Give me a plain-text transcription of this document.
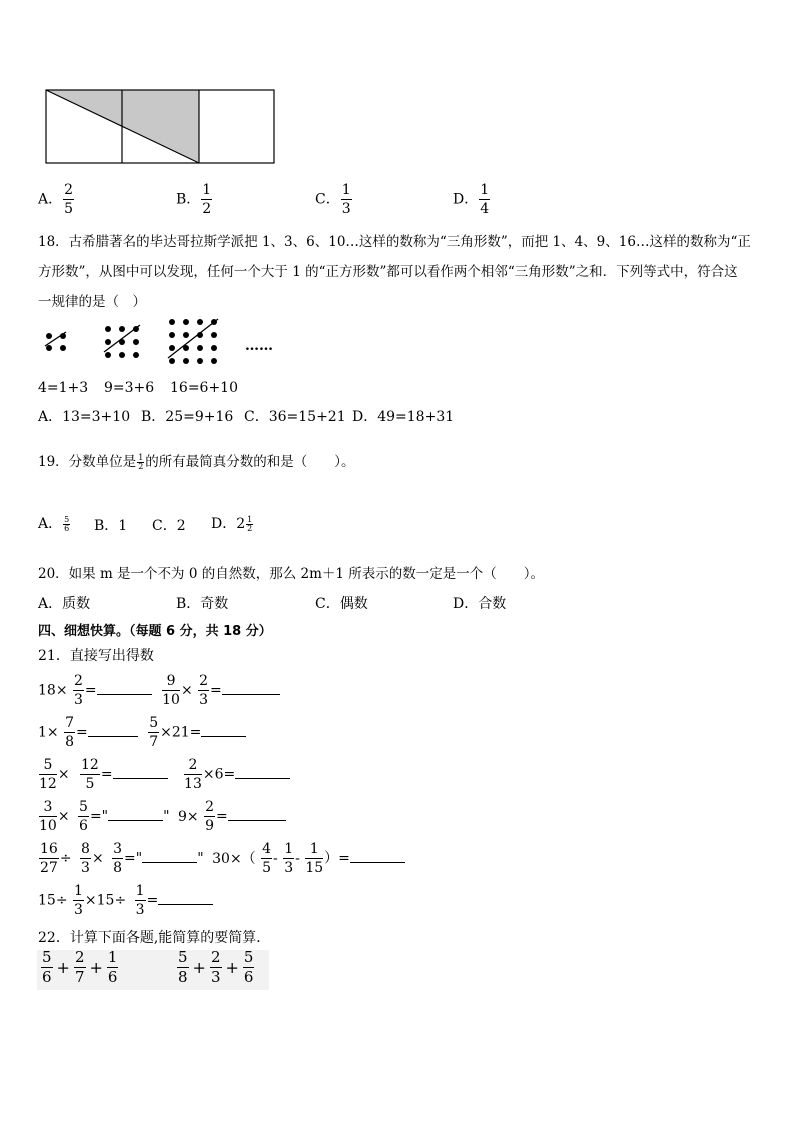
A． $\frac{2}{5}$	B． $\frac{1}{2}$	C． $\frac{1}{3}$	D． $\frac{1}{4}$
18．古希腊著名的毕达哥拉斯学派把 1、3、6、10…这样的数称为“三角形数”，而把 1、4、9、16…这样的数称为“正
方形数”，从图中可以发现，任何一个大于 1 的“正方形数”都可以看作两个相邻“三角形数”之和．下列等式中，符合这
一规律的是（　）
……
4=1+3 9=3+6 16=6+10
A．13=3+10 B．25=9+16 C．36=15+21 D．49=18+31
19．分数单位是 $\frac{1}{2}$ 的所有最简真分数的和是（　　）。
A． $\frac{5}{6}$ B．1 C．2 D．$2 \frac{1}{2}$
20．如果 m 是一个不为 0 的自然数，那么 2m＋1 所表示的数一定是一个（　　）。
A．质数	B．奇数	C．偶数	D．合数
四、细想快算。（每题 6 分，共 18 分）
21．直接写出得数
$18\times \frac{2}{3}$ =	$\frac{9}{10} \times \frac{2}{3}$ =
$1\times \frac{7}{8}$ =	$\frac{5}{7} \times 21=$
$\frac{5}{12} \times \frac{12}{5}$ =	$\frac{2}{13} \times 6=$
$\frac{3}{10} \times \frac{5}{6}$ ="	" $9\times \frac{2}{9}$ =
$\frac{16}{27} \div \frac{8}{3} \times \frac{3}{8}$ ="	" $30\times( \frac{4}{5} - \frac{1}{3} - \frac{1}{15}$ ）=
$15\div \frac{1}{3} \times 15\div \frac{1}{3}$ =
22．计算下面各题,能简算的要简算．
$\frac{5}{6} + \frac{2}{7} + \frac{1}{6}$	$\frac{5}{8} + \frac{2}{3} + \frac{5}{6}$
